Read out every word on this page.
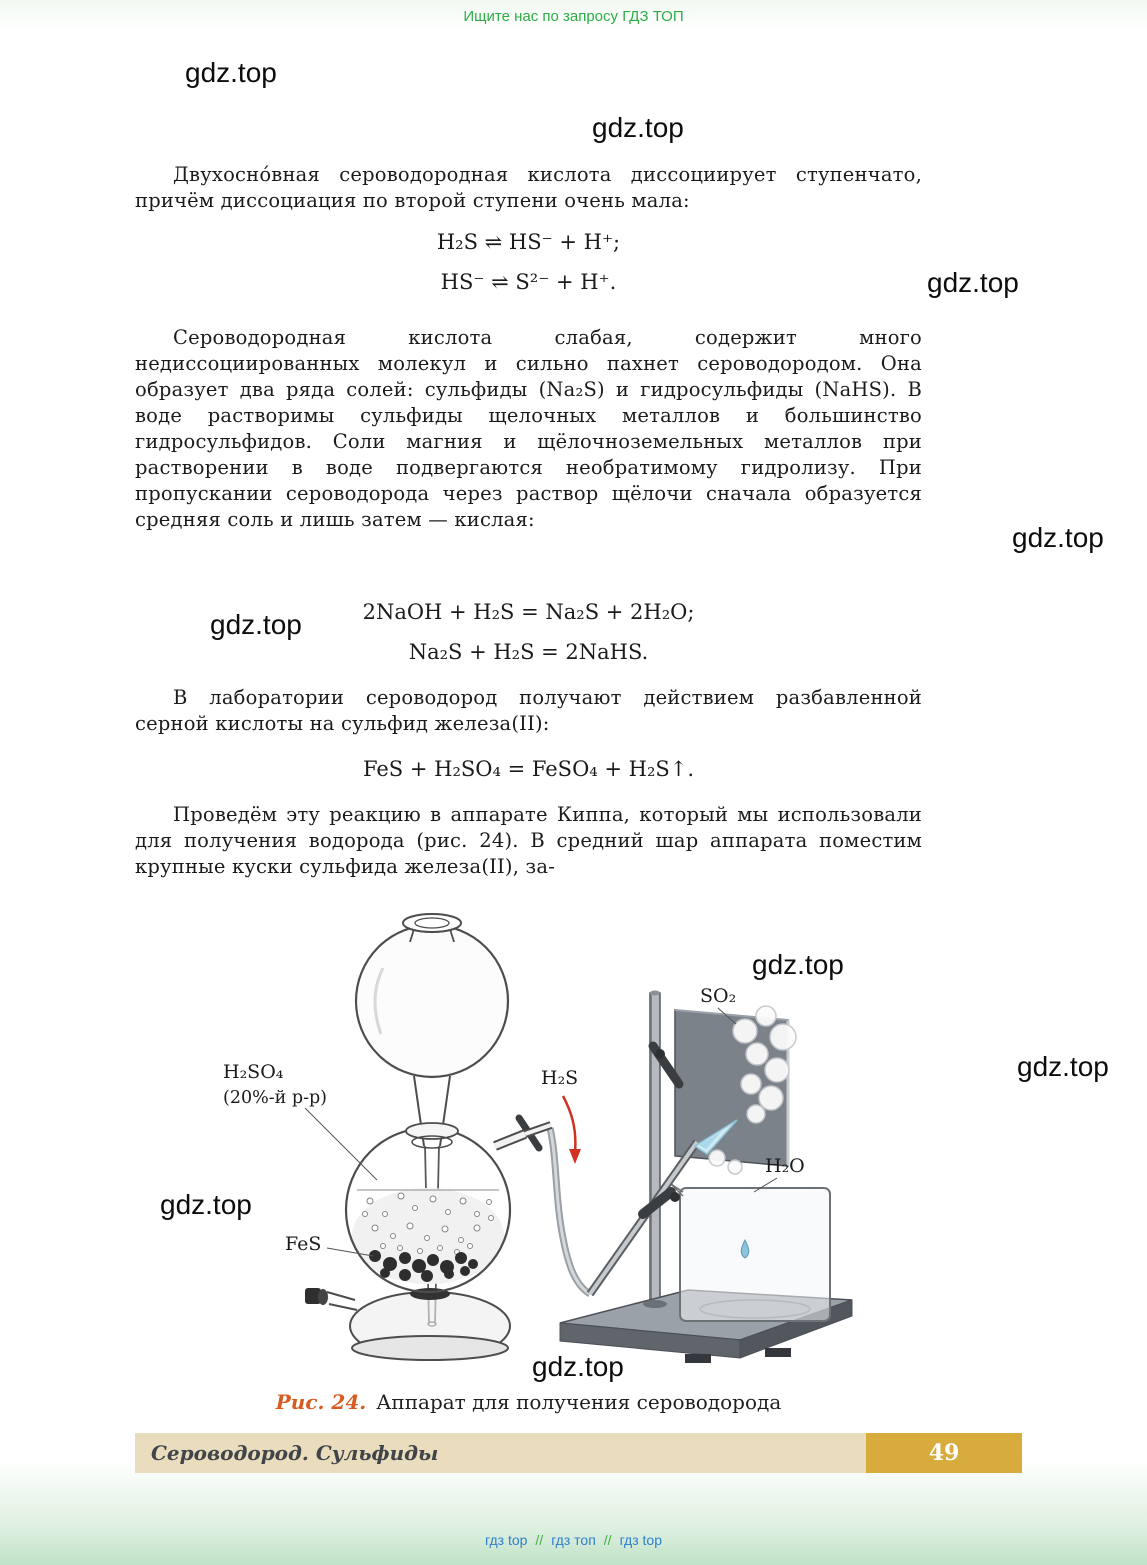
Ищите нас по запросу ГДЗ ТОП
gdz.top
gdz.top
gdz.top
gdz.top
gdz.top
gdz.top
gdz.top
gdz.top
gdz.top
Двухосно́вная сероводородная кислота диссоциирует ступенчато, причём диссоциация по второй ступени очень мала:
H₂S ⇌ HS⁻ + H⁺;
HS⁻ ⇌ S²⁻ + H⁺.
Сероводородная кислота слабая, содержит много недиссоциированных молекул и сильно пахнет сероводородом. Она образует два ряда солей: сульфиды (Na₂S) и гидросульфиды (NaHS). В воде растворимы сульфиды щелочных металлов и большинство гидросульфидов. Соли магния и щёлочноземельных металлов при растворении в воде подвергаются необратимому гидролизу. При пропускании сероводорода через раствор щёлочи сначала образуется средняя соль и лишь затем — кислая:
2NaOH + H₂S = Na₂S + 2H₂O;
Na₂S + H₂S = 2NaHS.
В лаборатории сероводород получают действием разбавленной серной кислоты на сульфид железа(II):
FeS + H₂SO₄ = FeSO₄ + H₂S↑.
Проведём эту реакцию в аппарате Киппа, который мы использовали для получения водорода (рис. 24). В средний шар аппарата поместим крупные куски сульфида железа(II), за-
H₂SO₄
(20%-й р-р)
H₂S
SO₂
H₂O
FeS
Рис. 24. Аппарат для получения сероводорода
Сероводород. Сульфиды	49
гдз top // гдз топ // гдз top
